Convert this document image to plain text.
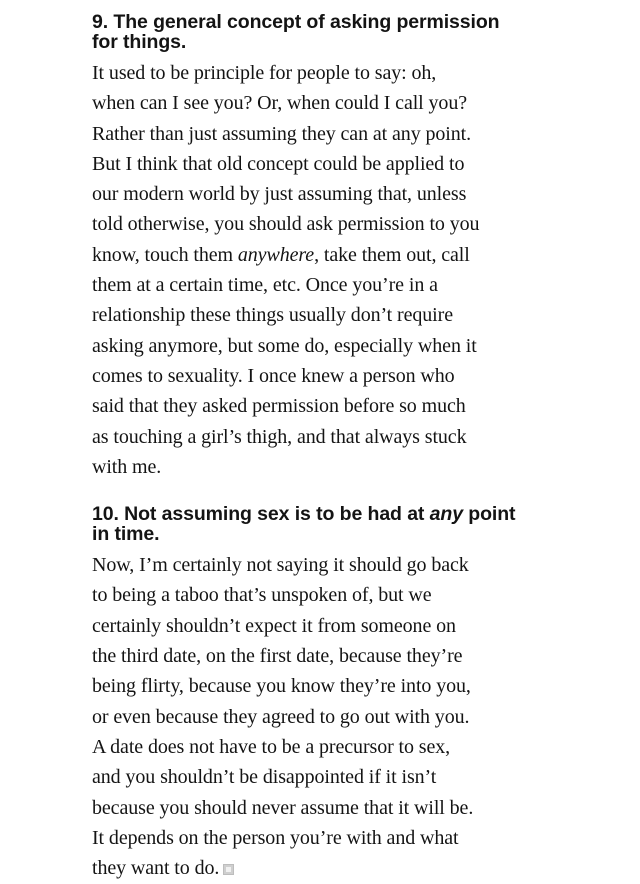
9. The general concept of asking permission
for things.

It used to be principle for people to say: oh,
when can I see you? Or, when could I call you?
Rather than just assuming they can at any point.
But I think that old concept could be applied to
our modern world by just assuming that, unless
told otherwise, you should ask permission to you
know, touch them anywhere, take them out, call
them at a certain time, etc. Once you’re in a
relationship these things usually don’t require
asking anymore, but some do, especially when it
comes to sexuality. I once knew a person who
said that they asked permission before so much
as touching a girl’s thigh, and that always stuck
with me.

10. Not assuming sex is to be had at any point
in time.

Now, I’m certainly not saying it should go back
to being a taboo that’s unspoken of, but we
certainly shouldn’t expect it from someone on
the third date, on the first date, because they’re
being flirty, because you know they’re into you,
or even because they agreed to go out with you.
A date does not have to be a precursor to sex,
and you shouldn’t be disappointed if it isn’t
because you should never assume that it will be.
It depends on the person you’re with and what
they want to do.
